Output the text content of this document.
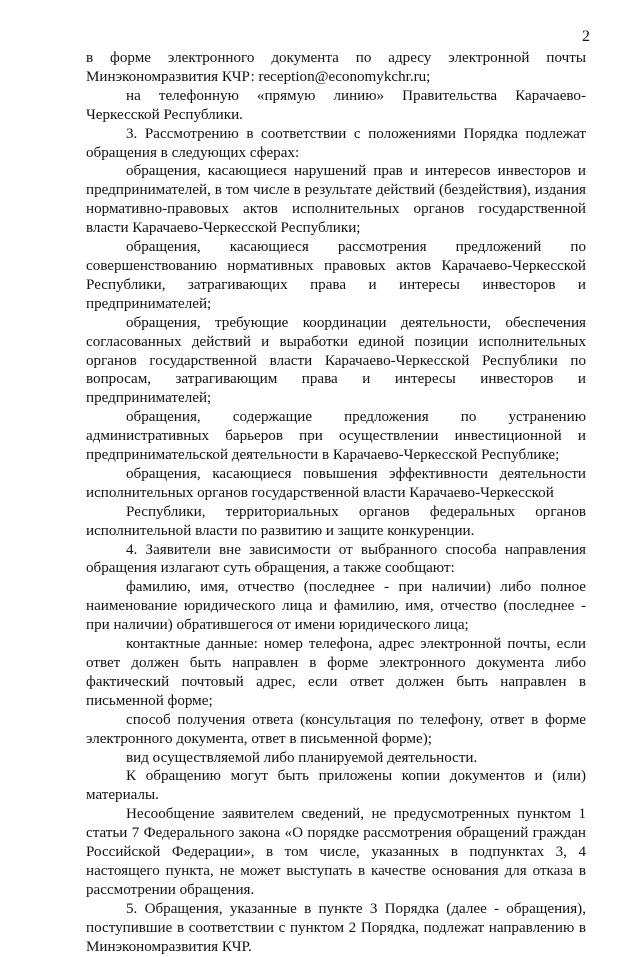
2

в форме электронного документа по адресу электронной почты Минэкономразвития КЧР: reception@economykchr.ru;

на телефонную «прямую линию» Правительства Карачаево-Черкесской Республики.

3. Рассмотрению в соответствии с положениями Порядка подлежат обращения в следующих сферах:

обращения, касающиеся нарушений прав и интересов инвесторов и предпринимателей, в том числе в результате действий (бездействия), издания нормативно-правовых актов исполнительных органов государственной власти Карачаево-Черкесской Республики;

обращения, касающиеся рассмотрения предложений по совершенствованию нормативных правовых актов Карачаево-Черкесской Республики, затрагивающих права и интересы инвесторов и предпринимателей;

обращения, требующие координации деятельности, обеспечения согласованных действий и выработки единой позиции исполнительных органов государственной власти Карачаево-Черкесской Республики по вопросам, затрагивающим права и интересы инвесторов и предпринимателей;

обращения, содержащие предложения по устранению административных барьеров при осуществлении инвестиционной и предпринимательской деятельности в Карачаево-Черкесской Республике;

обращения, касающиеся повышения эффективности деятельности исполнительных органов государственной власти Карачаево-Черкесской

Республики, территориальных органов федеральных органов исполнительной власти по развитию и защите конкуренции.

4. Заявители вне зависимости от выбранного способа направления обращения излагают суть обращения, а также сообщают:

фамилию, имя, отчество (последнее - при наличии) либо полное наименование юридического лица и фамилию, имя, отчество (последнее - при наличии) обратившегося от имени юридического лица;

контактные данные: номер телефона, адрес электронной почты, если ответ должен быть направлен в форме электронного документа либо фактический почтовый адрес, если ответ должен быть направлен в письменной форме;

способ получения ответа (консультация по телефону, ответ в форме электронного документа, ответ в письменной форме);

вид осуществляемой либо планируемой деятельности.

К обращению могут быть приложены копии документов и (или) материалы.

Несообщение заявителем сведений, не предусмотренных пунктом 1 статьи 7 Федерального закона «О порядке рассмотрения обращений граждан Российской Федерации», в том числе, указанных в подпунктах 3, 4 настоящего пункта, не может выступать в качестве основания для отказа в рассмотрении обращения.

5. Обращения, указанные в пункте 3 Порядка (далее - обращения), поступившие в соответствии с пунктом 2 Порядка, подлежат направлению в Минэкономразвития КЧР.
